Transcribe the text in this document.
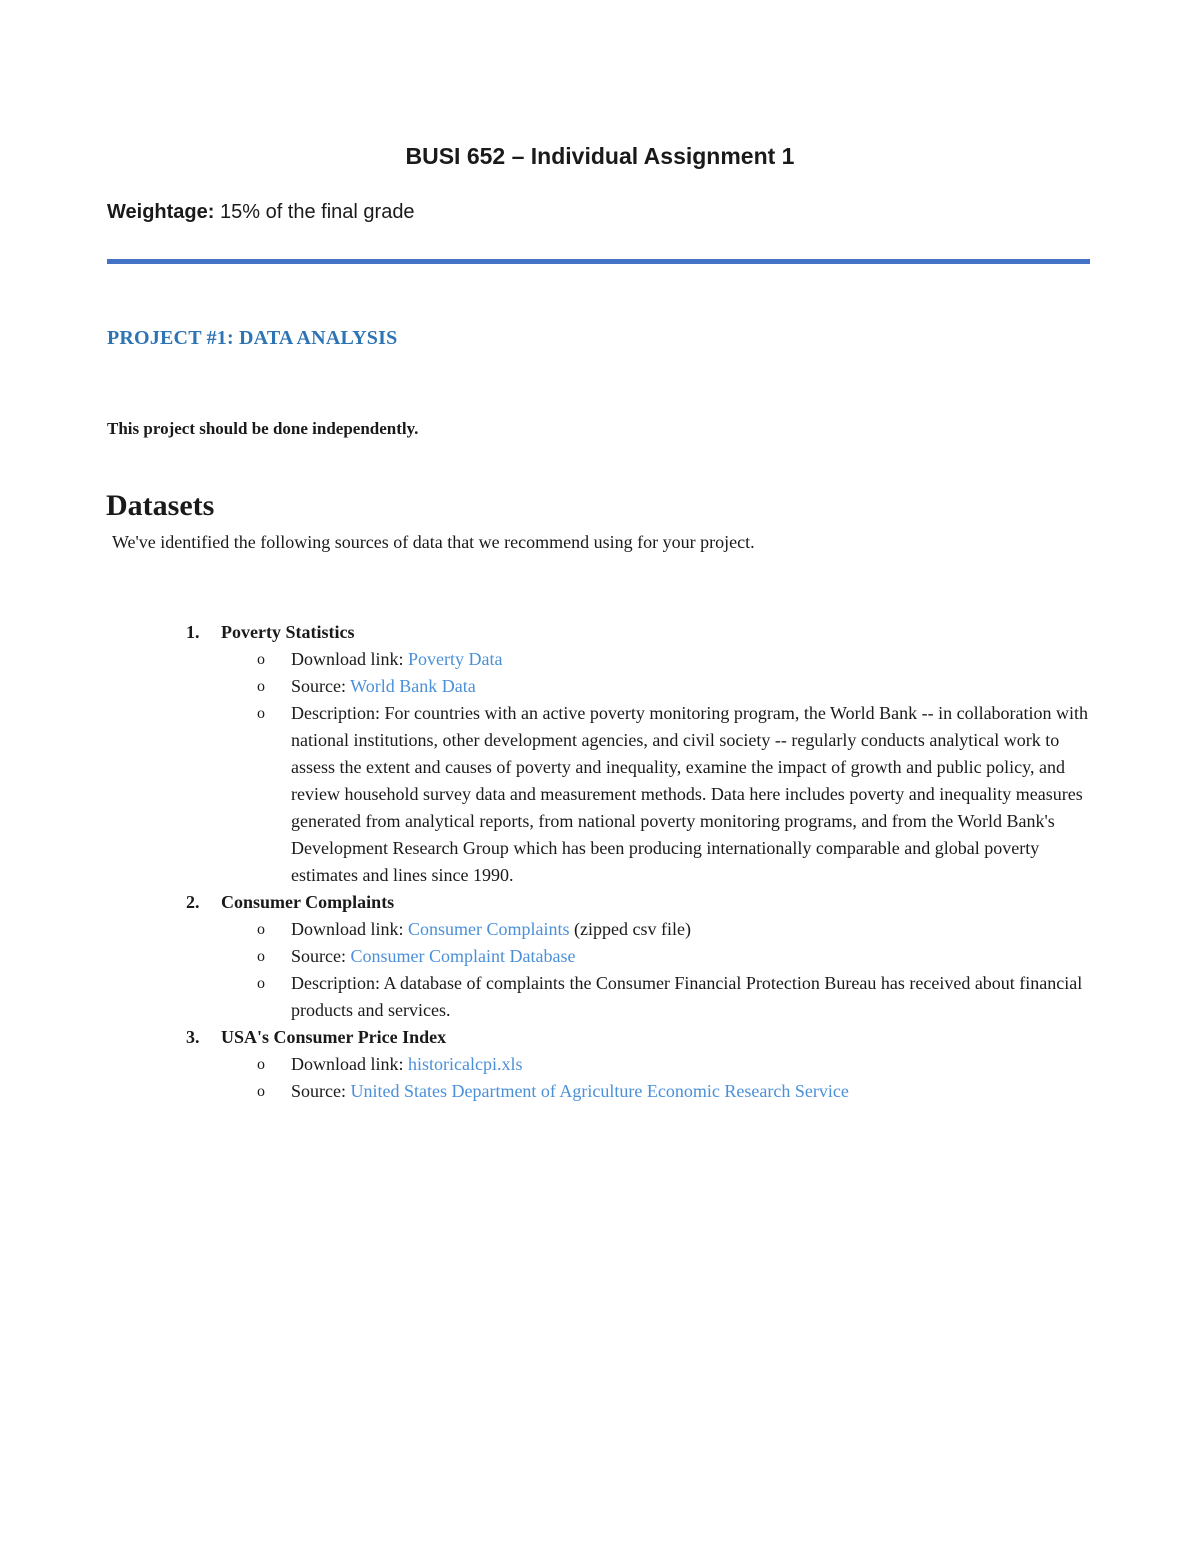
BUSI 652 – Individual Assignment 1

Weightage: 15% of the final grade

PROJECT #1: DATA ANALYSIS

This project should be done independently.

Datasets

We've identified the following sources of data that we recommend using for your project.

1. Poverty Statistics
o Download link: Poverty Data
o Source: World Bank Data
o Description: For countries with an active poverty monitoring program, the World Bank -- in collaboration with national institutions, other development agencies, and civil society -- regularly conducts analytical work to assess the extent and causes of poverty and inequality, examine the impact of growth and public policy, and review household survey data and measurement methods. Data here includes poverty and inequality measures generated from analytical reports, from national poverty monitoring programs, and from the World Bank's Development Research Group which has been producing internationally comparable and global poverty estimates and lines since 1990.
2. Consumer Complaints
o Download link: Consumer Complaints (zipped csv file)
o Source: Consumer Complaint Database
o Description: A database of complaints the Consumer Financial Protection Bureau has received about financial products and services.
3. USA's Consumer Price Index
o Download link: historicalcpi.xls
o Source: United States Department of Agriculture Economic Research Service
